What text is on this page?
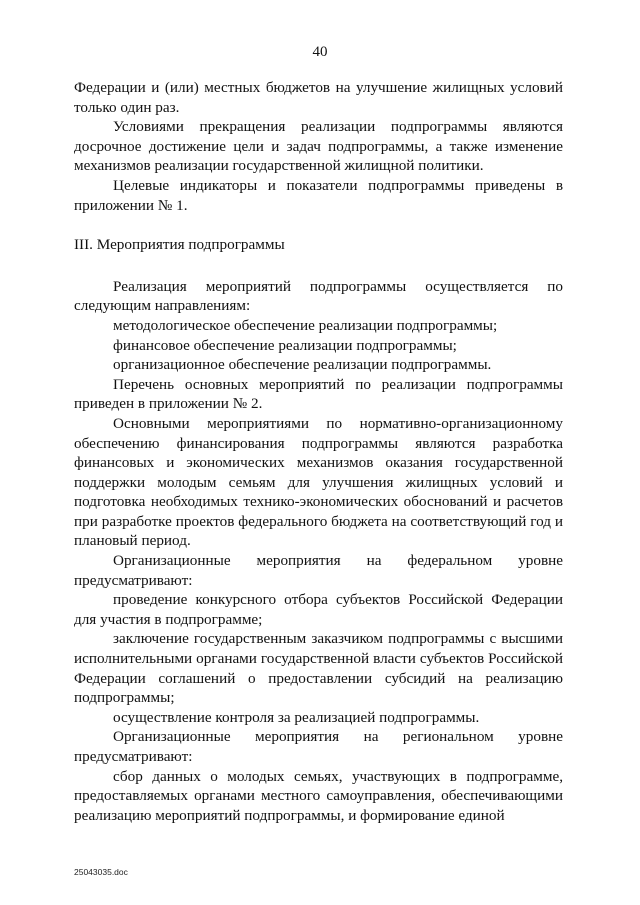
40

Федерации и (или) местных бюджетов на улучшение жилищных условий только один раз.

Условиями прекращения реализации подпрограммы являются досрочное достижение цели и задач подпрограммы, а также изменение механизмов реализации государственной жилищной политики.

Целевые индикаторы и показатели подпрограммы приведены в приложении № 1.

III. Мероприятия подпрограммы

Реализация мероприятий подпрограммы осуществляется по следующим направлениям:

методологическое обеспечение реализации подпрограммы;

финансовое обеспечение реализации подпрограммы;

организационное обеспечение реализации подпрограммы.

Перечень основных мероприятий по реализации подпрограммы приведен в приложении № 2.

Основными мероприятиями по нормативно-организационному обеспечению финансирования подпрограммы являются разработка финансовых и экономических механизмов оказания государственной поддержки молодым семьям для улучшения жилищных условий и подготовка необходимых технико-экономических обоснований и расчетов при разработке проектов федерального бюджета на соответствующий год и плановый период.

Организационные мероприятия на федеральном уровне предусматривают:

проведение конкурсного отбора субъектов Российской Федерации для участия в подпрограмме;

заключение государственным заказчиком подпрограммы с высшими исполнительными органами государственной власти субъектов Российской Федерации соглашений о предоставлении субсидий на реализацию подпрограммы;

осуществление контроля за реализацией подпрограммы.

Организационные мероприятия на региональном уровне предусматривают:

сбор данных о молодых семьях, участвующих в подпрограмме, предоставляемых органами местного самоуправления, обеспечивающими реализацию мероприятий подпрограммы, и формирование единой

25043035.doc
